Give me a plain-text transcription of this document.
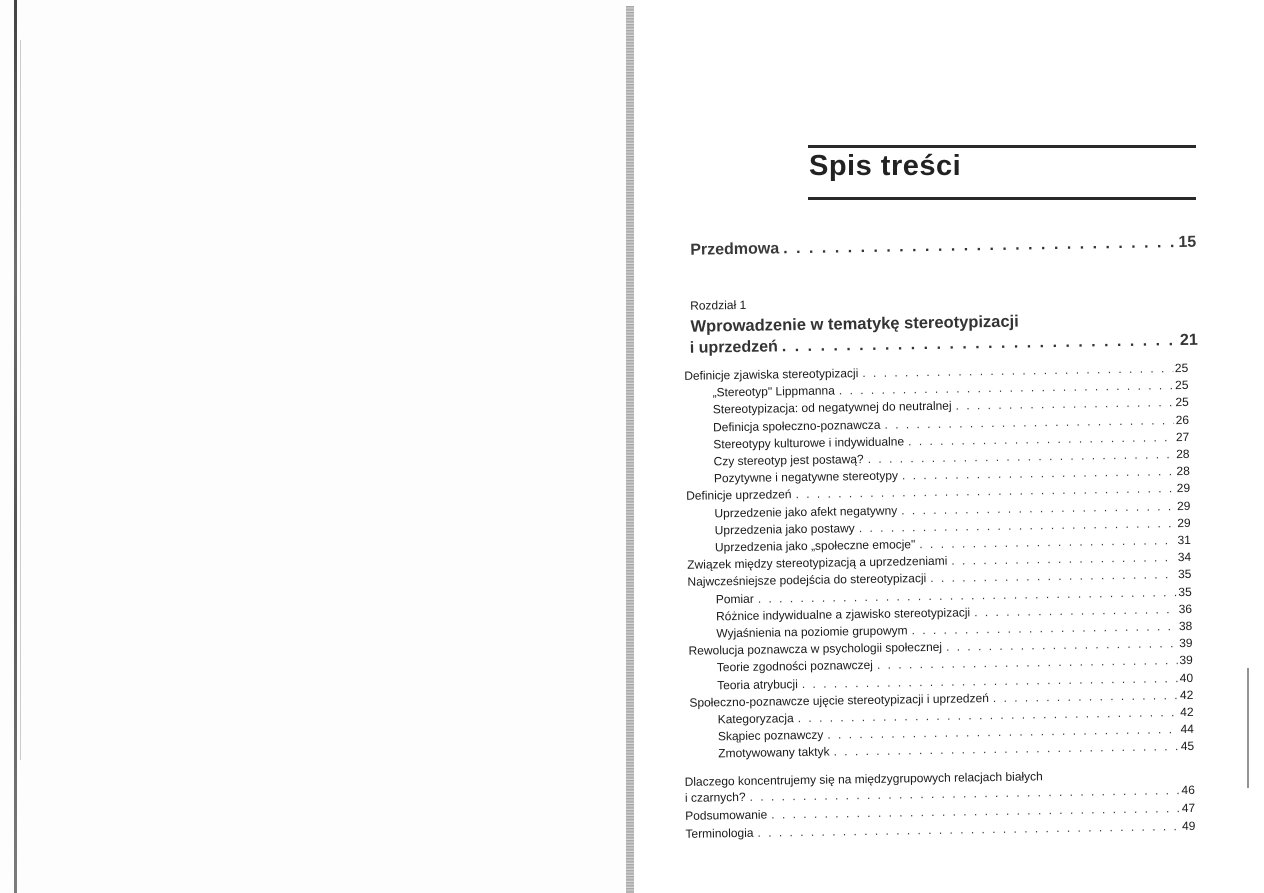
Spis treści
Przedmowa . . .	15
Rozdział 1
Wprowadzenie w tematykę stereotypizacji
i uprzedzeń . . .	21
Definicje zjawiska stereotypizacji . . .	25
„Stereotyp" Lippmanna . . .	25
Stereotypizacja: od negatywnej do neutralnej . . .	25
Definicja społeczno-poznawcza . . .	26
Stereotypy kulturowe i indywidualne . . .	27
Czy stereotyp jest postawą? . . .	28
Pozytywne i negatywne stereotypy . . .	28
Definicje uprzedzeń . . .	29
Uprzedzenie jako afekt negatywny . . .	29
Uprzedzenia jako postawy . . .	29
Uprzedzenia jako „społeczne emocje" . . .	31
Związek między stereotypizacją a uprzedzeniami . . .	34
Najwcześniejsze podejścia do stereotypizacji . . .	35
Pomiar . . .	35
Różnice indywidualne a zjawisko stereotypizacji . . .	36
Wyjaśnienia na poziomie grupowym . . .	38
Rewolucja poznawcza w psychologii społecznej . . .	39
Teorie zgodności poznawczej . . .	39
Teoria atrybucji . . .	40
Społeczno-poznawcze ujęcie stereotypizacji i uprzedzeń . . .	42
Kategoryzacja . . .	42
Skąpiec poznawczy . . .	44
Zmotywowany taktyk . . .	45
Dlaczego koncentrujemy się na międzygrupowych relacjach białych
i czarnych? . . .	46
Podsumowanie . . .	47
Terminologia . . .	49
